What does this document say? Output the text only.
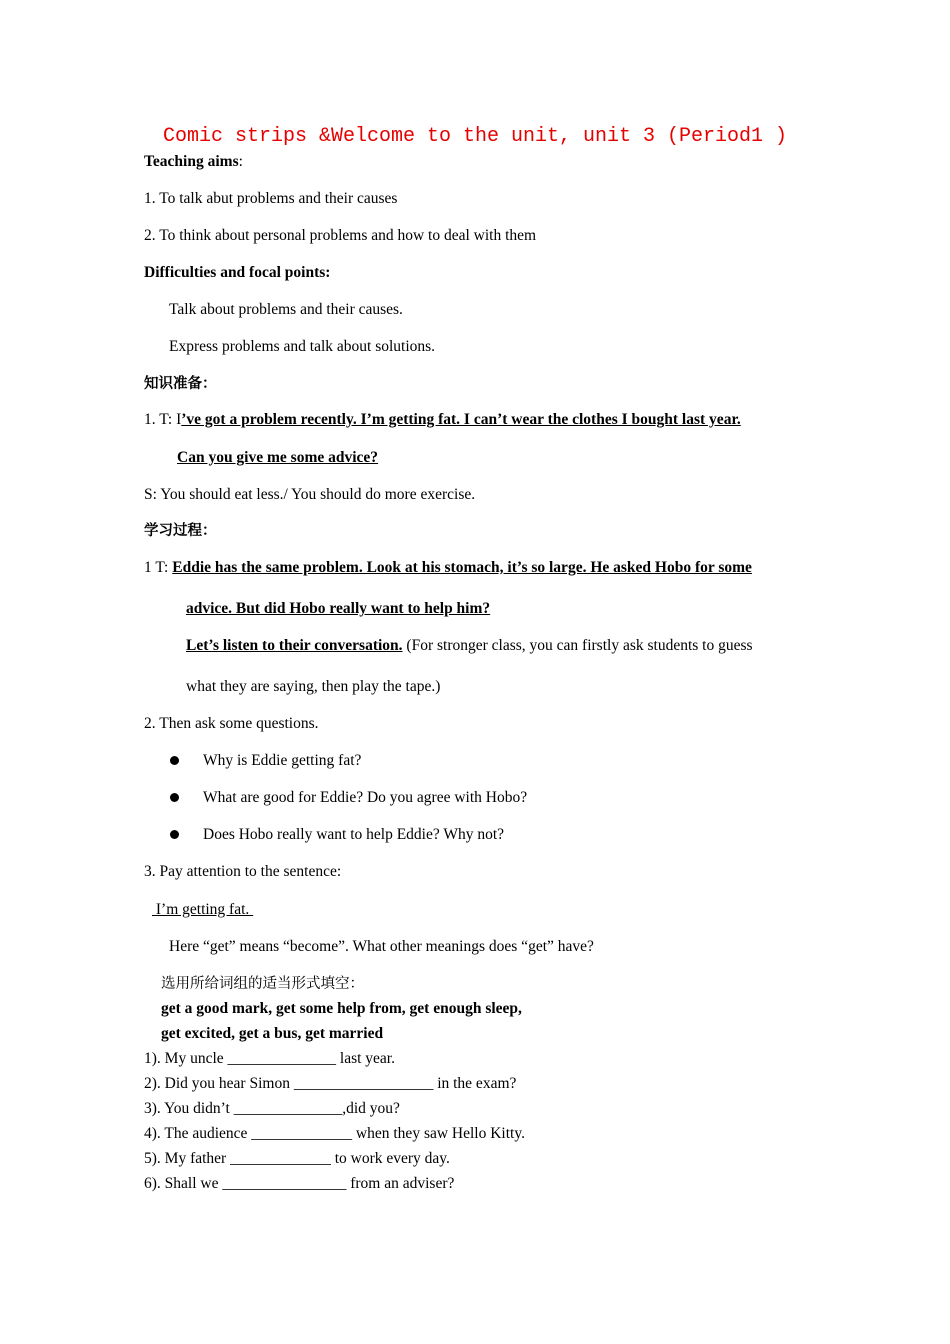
Comic strips &Welcome to the unit, unit 3 (Period1 )
Teaching aims:
1. To talk abut problems and their causes
2. To think about personal problems and how to deal with them
Difficulties and focal points:
Talk about problems and their causes.
Express problems and talk about solutions.
知识准备：
1. T: I’ve got a problem recently. I’m getting fat. I can’t wear the clothes I bought last year.
Can you give me some advice?
S: You should eat less./ You should do more exercise.
学习过程：
1 T: Eddie has the same problem. Look at his stomach, it’s so large. He asked Hobo for some
advice. But did Hobo really want to help him?
Let’s listen to their conversation. (For stronger class, you can firstly ask students to guess
what they are saying, then play the tape.)
2. Then ask some questions.
Why is Eddie getting fat?
What are good for Eddie? Do you agree with Hobo?
Does Hobo really want to help Eddie? Why not?
3. Pay attention to the sentence:
I’m getting fat.
Here “get” means “become”. What other meanings does “get” have?
选用所给词组的适当形式填空：
get a good mark, get some help from, get enough sleep,
get excited, get a bus, get married
1). My uncle ______________ last year.
2). Did you hear Simon __________________ in the exam?
3). You didn’t ______________,did you?
4). The audience _____________ when they saw Hello Kitty.
5). My father _____________ to work every day.
6). Shall we ________________ from an adviser?
